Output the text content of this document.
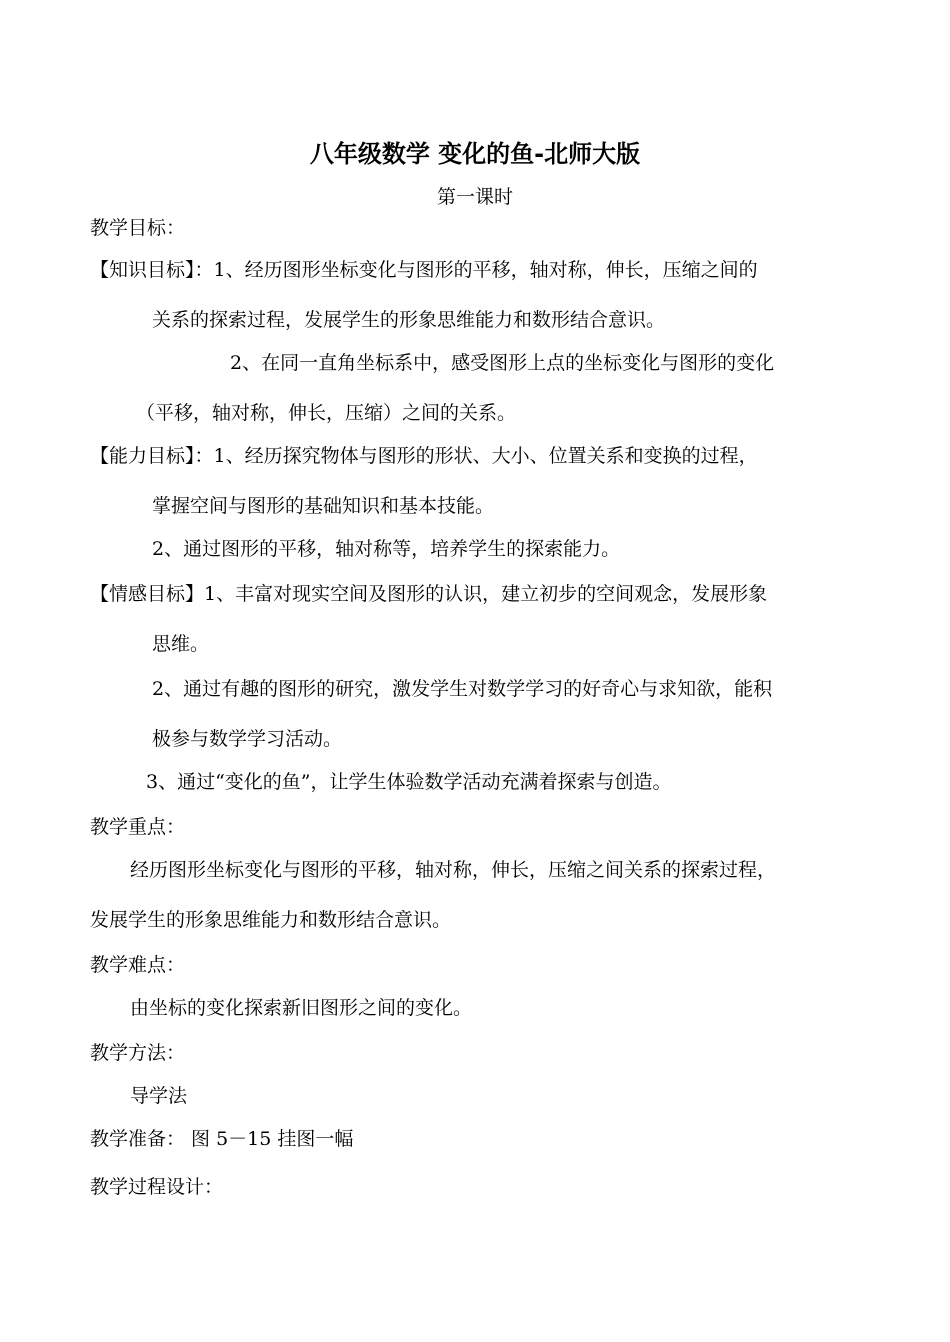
八年级数学 变化的鱼-北师大版
第一课时
教学目标：
【知识目标】：1、经历图形坐标变化与图形的平移，轴对称，伸长，压缩之间的
关系的探索过程，发展学生的形象思维能力和数形结合意识。
2、在同一直角坐标系中，感受图形上点的坐标变化与图形的变化
（平移，轴对称，伸长，压缩）之间的关系。
【能力目标】：1、经历探究物体与图形的形状、大小、位置关系和变换的过程，
掌握空间与图形的基础知识和基本技能。
2、通过图形的平移，轴对称等，培养学生的探索能力。
【情感目标】1、丰富对现实空间及图形的认识，建立初步的空间观念，发展形象
思维。
2、通过有趣的图形的研究，激发学生对数学学习的好奇心与求知欲，能积
极参与数学学习活动。
3、通过“变化的鱼”，让学生体验数学活动充满着探索与创造。
教学重点：
经历图形坐标变化与图形的平移，轴对称，伸长，压缩之间关系的探索过程，
发展学生的形象思维能力和数形结合意识。
教学难点：
由坐标的变化探索新旧图形之间的变化。
教学方法：
导学法
教学准备： 图 5－15 挂图一幅
教学过程设计：
